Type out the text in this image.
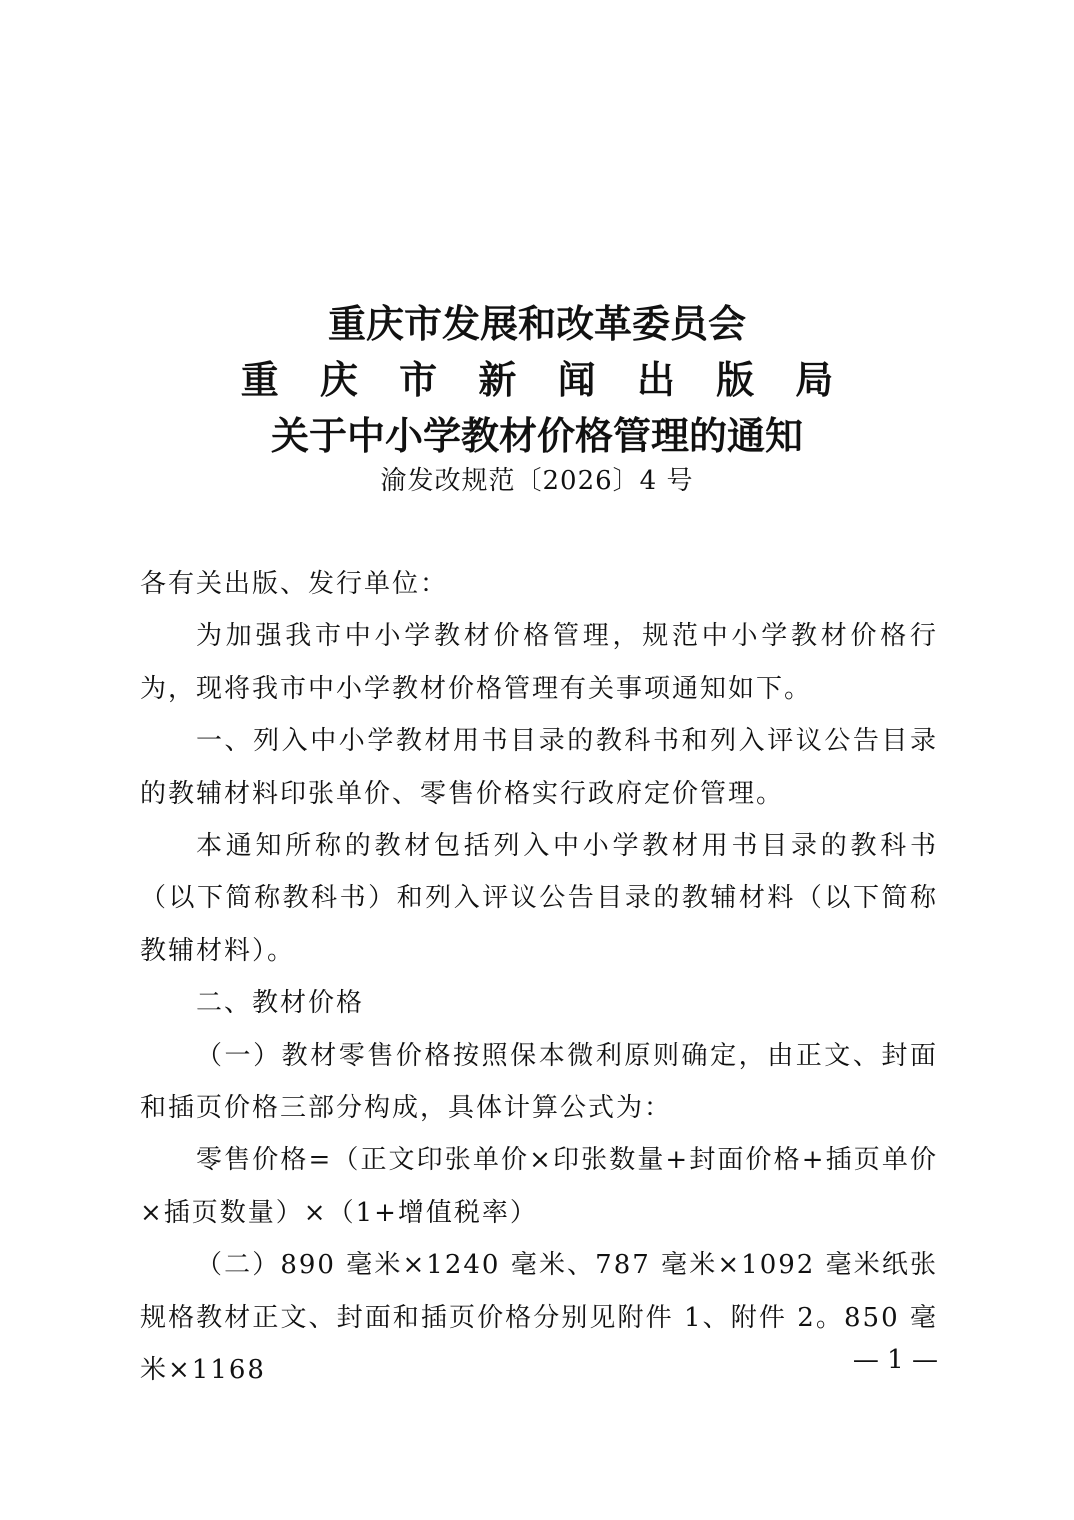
重庆市发展和改革委员会
重 庆 市 新 闻 出 版 局
关于中小学教材价格管理的通知
渝发改规范〔2026〕4 号

各有关出版、发行单位：

为加强我市中小学教材价格管理，规范中小学教材价格行为，现将我市中小学教材价格管理有关事项通知如下。

一、列入中小学教材用书目录的教科书和列入评议公告目录的教辅材料印张单价、零售价格实行政府定价管理。

本通知所称的教材包括列入中小学教材用书目录的教科书（以下简称教科书）和列入评议公告目录的教辅材料（以下简称教辅材料）。

二、教材价格

（一）教材零售价格按照保本微利原则确定，由正文、封面和插页价格三部分构成，具体计算公式为：

零售价格=（正文印张单价×印张数量+封面价格+插页单价×插页数量）×（1+增值税率）

（二）890 毫米×1240 毫米、787 毫米×1092 毫米纸张规格教材正文、封面和插页价格分别见附件 1、附件 2。850 毫米×1168	— 1 —
